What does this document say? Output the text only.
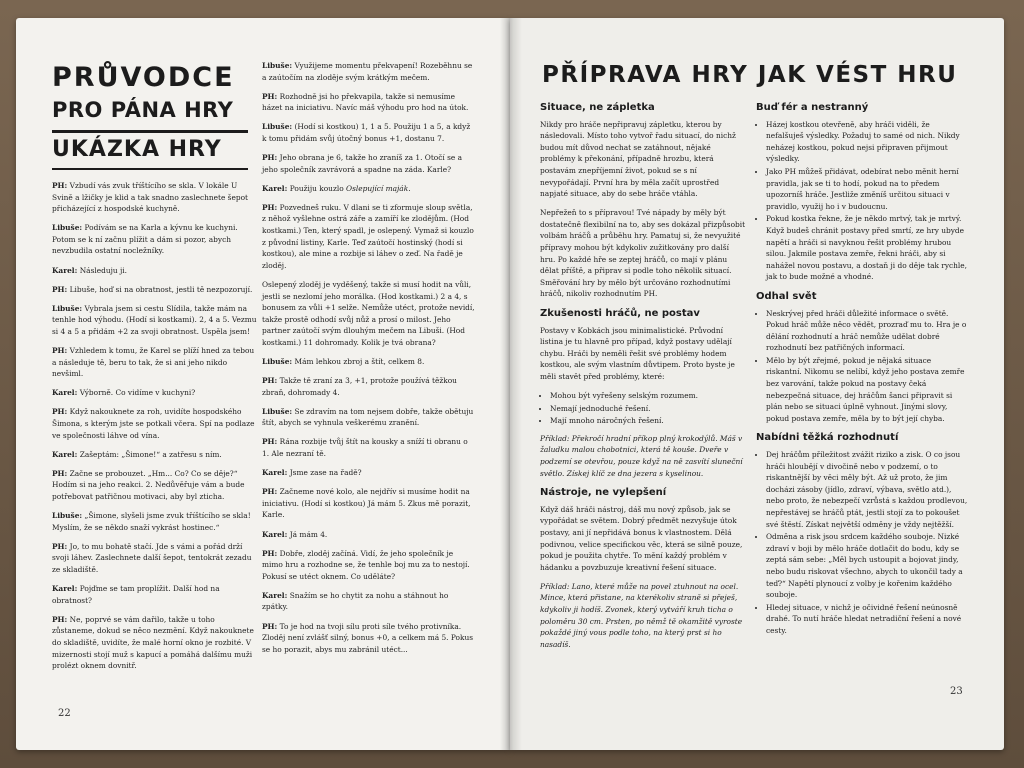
PRŮVODCE
PRO PÁNA HRY
UKÁZKA HRY

PH: Vzbudí vás zvuk tříštícího se skla. V lokále U Svině a lžičky je klid a tak snadno zaslechnete šepot přicházející z hospodské kuchyně.

Libuše: Podívám se na Karla a kývnu ke kuchyni. Potom se k ní začnu plížit a dám si pozor, abych nevzbudila ostatní nocležníky.

Karel: Následuju ji.

PH: Libuše, hoď si na obratnost, jestli tě nezpozorují.

Libuše: Vybrala jsem si cestu Slídila, takže mám na tenhle hod výhodu. (Hodí si kostkami). 2, 4 a 5. Vezmu si 4 a 5 a přidám +2 za svoji obratnost. Uspěla jsem!

PH: Vzhledem k tomu, že Karel se plíží hned za tebou a následuje tě, beru to tak, že si ani jeho nikdo nevšiml.

Karel: Výborně. Co vidíme v kuchyni?

PH: Když nakouknete za roh, uvidíte hospodského Šimona, s kterým jste se potkali včera. Spí na podlaze ve společnosti láhve od vína.

Karel: Zašeptám: „Šimone!“ a zatřesu s ním.

PH: Začne se probouzet. „Hm... Co? Co se děje?“ Hodím si na jeho reakci. 2. Nedůvěřuje vám a bude potřebovat patřičnou motivaci, aby byl zticha.

Libuše: „Šimone, slyšeli jsme zvuk tříštícího se skla! Myslím, že se někdo snaží vykrást hostinec.“

PH: Jo, to mu bohatě stačí. Jde s vámi a pořád drží svoji láhev. Zaslechnete další šepot, tentokrát zezadu ze skladiště.

Karel: Pojďme se tam proplížit. Další hod na obratnost?

PH: Ne, poprvé se vám dařilo, takže u toho zůstaneme, dokud se něco nezmění. Když nakouknete do skladiště, uvidíte, že malé horní okno je rozbité. V mizernosti stojí muž s kapucí a pomáhá dalšímu muži prolézt oknem dovnitř.

Libuše: Využijeme momentu překvapení! Rozeběhnu se a zaútočím na zloděje svým krátkým mečem.

PH: Rozhodně jsi ho překvapila, takže si nemusíme házet na iniciativu. Navíc máš výhodu pro hod na útok.

Libuše: (Hodí si kostkou) 1, 1 a 5. Použiju 1 a 5, a když k tomu přidám svůj útočný bonus +1, dostanu 7.

PH: Jeho obrana je 6, takže ho zraníš za 1. Otočí se a jeho společník zavrávorá a spadne na záda. Karle?

Karel: Použiju kouzlo Oslepující maják.

PH: Pozvedneš ruku. V dlani se ti zformuje sloup světla, z něhož vyšlehne ostrá záře a zamíří ke zlodějům. (Hod kostkami.) Ten, který spadl, je oslepený. Vymaž si kouzlo z původní listiny, Karle. Teď zaútočí hostinský (hodí si kostkou), ale mine a rozbije si láhev o zeď. Na řadě je zloděj.

Oslepený zloděj je vyděšený, takže si musí hodit na vůli, jestli se nezlomí jeho morálka. (Hod kostkami.) 2 a 4, s bonusem za vůli +1 selže. Nemůže utéct, protože nevidí, takže prostě odhodí svůj nůž a prosí o milost. Jeho partner zaútočí svým dlouhým mečem na Libuši. (Hod kostkami.) 11 dohromady. Kolik je tvá obrana?

Libuše: Mám lehkou zbroj a štít, celkem 8.

PH: Takže tě zraní za 3, +1, protože používá těžkou zbraň, dohromady 4.

Libuše: Se zdravím na tom nejsem dobře, takže obětuju štít, abych se vyhnula veškerému zranění.

PH: Rána rozbije tvůj štít na kousky a sníží ti obranu o 1. Ale nezraní tě.

Karel: Jsme zase na řadě?

PH: Začneme nové kolo, ale nejdřív si musíme hodit na iniciativu. (Hodí si kostkou) Já mám 5. Zkus mě porazit, Karle.

Karel: Já mám 4.

PH: Dobře, zloděj začíná. Vidí, že jeho společník je mimo hru a rozhodne se, že tenhle boj mu za to nestojí. Pokusí se utéct oknem. Co uděláte?

Karel: Snažím se ho chytit za nohu a stáhnout ho zpátky.

PH: To je hod na tvoji sílu proti síle tvého protivníka. Zloděj není zvlášť silný, bonus +0, a celkem má 5. Pokus se ho porazit, abys mu zabránil utéct...

22
PŘÍPRAVA HRY JAK VÉST HRU
Situace, ne zápletka

Nikdy pro hráče nepřipravuj zápletku, kterou by následovali. Místo toho vytvoř řadu situací, do nichž budou mít důvod nechat se zatáhnout, nějaké problémy k překonání, případně hrozbu, která postavám znepříjemní život, pokud se s ní nevypořádají. První hra by měla začít uprostřed napjaté situace, aby do sebe hráče vtáhla.

Nepřežeň to s přípravou! Tvé nápady by měly být dostatečně flexibilní na to, aby ses dokázal přizpůsobit volbám hráčů a průběhu hry. Pamatuj si, že nevyužité přípravy mohou být kdykoliv zužitkovány pro další hru. Po každé hře se zeptej hráčů, co mají v plánu dělat příště, a připrav si podle toho několik situací. Směřování hry by mělo být určováno rozhodnutími hráčů, nikoliv rozhodnutím PH.

Zkušenosti hráčů, ne postav

Postavy v Kobkách jsou minimalistické. Průvodní listina je tu hlavně pro případ, když postavy udělají chybu. Hráči by neměli řešit své problémy hodem kostkou, ale svým vlastním důvtipem. Proto byste je měli stavět před problémy, které:

• Mohou být vyřešeny selským rozumem.
• Nemají jednoduché řešení.
• Mají mnoho náročných řešení.

Příklad: Překročí hradní příkop plný krokodýlů. Máš v žaludku malou chobotnici, která tě kouše. Dveře v podzemí se otevřou, pouze když na ně zasvítí sluneční světlo. Získej klíč ze dna jezera s kyselinou.

Nástroje, ne vylepšení

Když dáš hráči nástroj, dáš mu nový způsob, jak se vypořádat se světem. Dobrý předmět nezvyšuje útok postavy, ani jí nepřidává bonus k vlastnostem. Dělá podivnou, velice specifickou věc, která se silně pouze, pokud je použita chytře. To mění každý problém v hádanku a povzbuzuje kreativní řešení situace.

Příklad: Lano, které může na povel ztuhnout na ocel. Mince, která přistane, na kterékoliv straně si přeješ, kdykoliv ji hodíš. Zvonek, který vytváří kruh ticha o poloměru 30 cm. Prsten, po němž tě okamžitě vyroste pokaždé jiný vous podle toho, na který prst si ho nasadíš.

Buď fér a nestranný
• Házej kostkou otevřeně, aby hráči viděli, že nefalšuješ výsledky. Požaduj to samé od nich. Nikdy neházej kostkou, pokud nejsi připraven přijmout výsledky.
• Jako PH můžeš přidávat, odebírat nebo měnit herní pravidla, jak se ti to hodí, pokud na to předem upozorníš hráče. Jestliže změníš určitou situaci v pravidlo, využij ho i v budoucnu.
• Pokud kostka řekne, že je někdo mrtvý, tak je mrtvý. Když budeš chránit postavy před smrtí, ze hry ubyde napětí a hráči si navyknou řešit problémy hrubou silou. Jakmile postava zemře, řekni hráči, aby si nahážel novou postavu, a dostaň ji do děje tak rychle, jak to bude možné a vhodné.
Odhal svět
• Neskrývej před hráči důležité informace o světě. Pokud hráč může něco vědět, prozraď mu to. Hra je o dělání rozhodnutí a hráč nemůže udělat dobré rozhodnutí bez patřičných informací.
• Mělo by být zřejmé, pokud je nějaká situace riskantní. Nikomu se nelíbí, když jeho postava zemře bez varování, takže pokud na postavy čeká nebezpečná situace, dej hráčům šanci připravit si plán nebo se situaci úplně vyhnout. Jinými slovy, pokud postava zemře, měla by to být její chyba.
Nabídni těžká rozhodnutí
• Dej hráčům příležitost zvážit riziko a zisk. O co jsou hráči hloubějí v divočině nebo v podzemí, o to riskantnější by věci měly být. Až už proto, že jim docházi zásoby (jídlo, zdraví, výbava, světlo atd.), nebo proto, že nebezpečí vzrůstá s každou prodlevou, nepřestávej se hráčů ptát, jestli stojí za to pokoušet své štěstí. Získat největší odměny je vždy nejtěžší.
• Odměna a risk jsou srdcem každého souboje. Nizké zdraví v boji by mělo hráče dotlačit do bodu, kdy se zeptá sám sebe: „Měl bych ustoupit a bojovat jindy, nebo budu riskovat všechno, abych to ukončil tady a teď?“ Napětí plynoucí z volby je kořenim každého souboje.
• Hledej situace, v nichž je očividné řešení neúnosně drahé. To nutí hráče hledat netradiční řešení a nové cesty.
23
